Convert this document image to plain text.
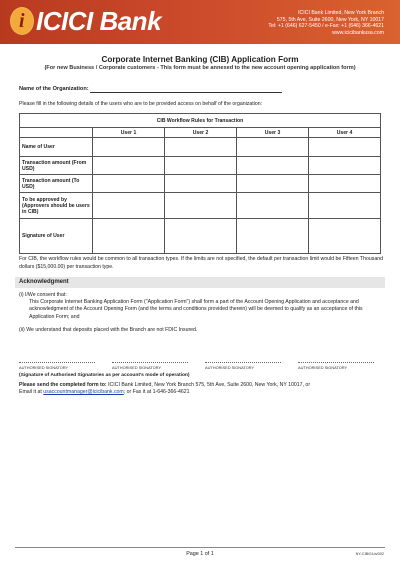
i ICICI Bank	ICICI Bank Limited, New York Branch
575, 5th Ave, Suite 2600, New York, NY 10017
Tel: +1 (646) 627-5450 / e-Fax: +1 (646) 366-4621
www.icicibankusa.com
Corporate Internet Banking (CIB) Application Form
(For new Business / Corporate customers - This form must be annexed to the new account opening application form)
Name of the Organization:
Please fill in the following details of the users who are to be provided access on behalf of the organization:
CIB Workflow Rules for Transaction				
	User 1	User 2	User 3	User 4
Name of User				
Transaction amount (From USD)				
Transaction amount (To USD)				
To be approved by (Approvers should be users in CIB)				
Signature of User				
For CIB, the workflow rules would be common to all transaction types. If the limits are not specified, the default per transaction limit would be Fifteen Thousand dollars ($15,000.00) per transaction type.
Acknowledgment
(i) I/We consent that:
This Corporate Internet Banking Application Form ("Application Form") shall form a part of the Account Opening Application and acceptance and acknowledgment of the Account Opening Form (and the terms and conditions provided therein) will be deemed to qualify as an acceptance of this Application Form; and
(ii) We understand that deposits placed with the Branch are not FDIC Insured.
AUTHORISED SIGNATORY	AUTHORISED SIGNATORY	AUTHORISED SIGNATORY	AUTHORISED SIGNATORY
(Signature of Authorised Signatories as per account's mode of operation)
Please send the completed form to: ICICI Bank Limited, New York Branch 575, 5th Ave, Suite 2600, New York, NY 10017, or
Email it at usaccountmanager@icicibank.com; or Fax it at 1-646-366-4621
Page 1 of 1	NY-CIB/01/a/002
